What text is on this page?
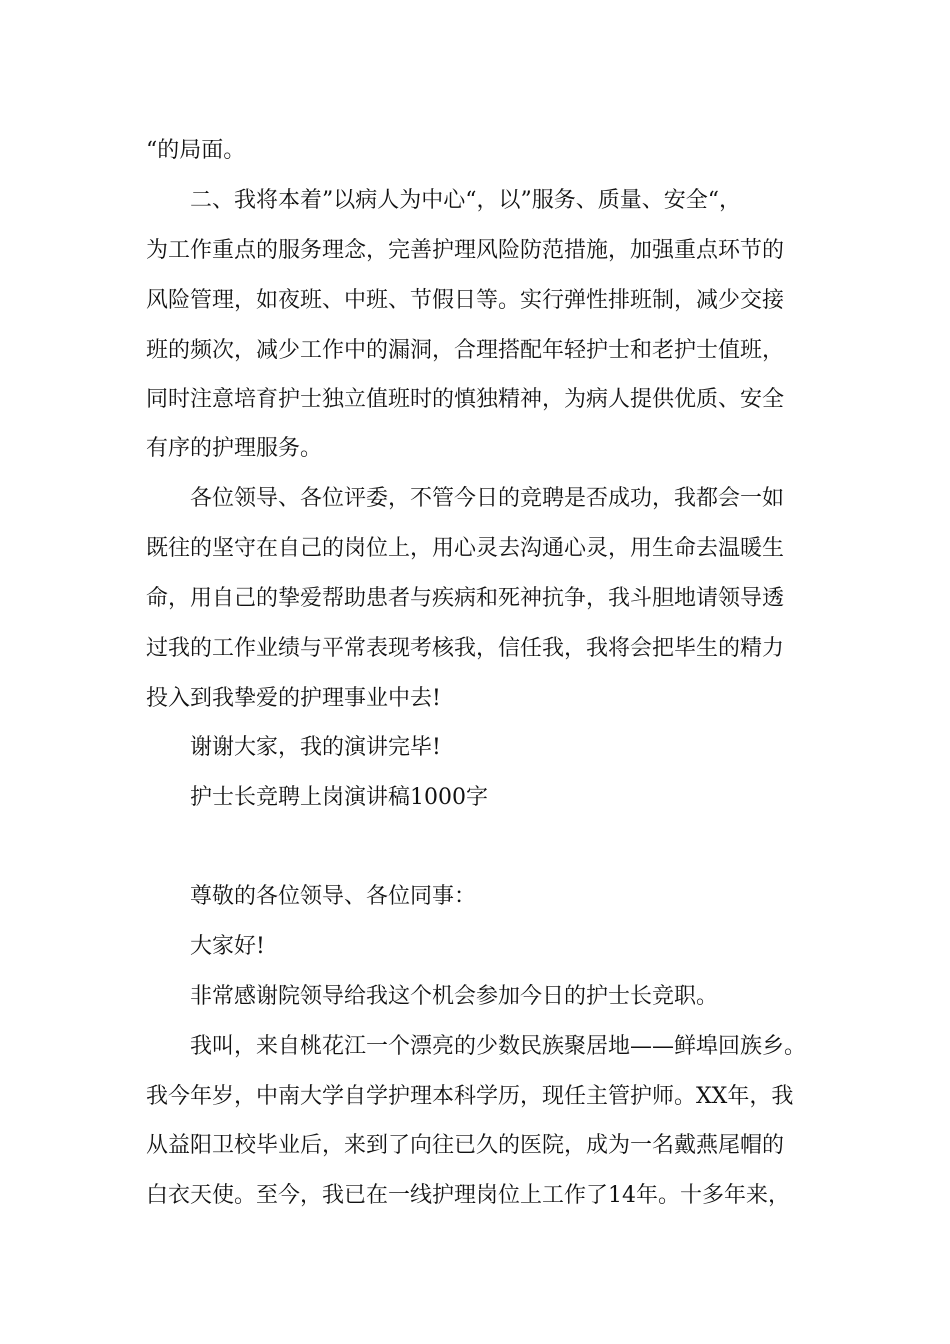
“的局面。

二、我将本着”以病人为中心“，以”服务、质量、安全“，

为工作重点的服务理念，完善护理风险防范措施，加强重点环节的

风险管理，如夜班、中班、节假日等。实行弹性排班制，减少交接

班的频次，减少工作中的漏洞，合理搭配年轻护士和老护士值班，

同时注意培育护士独立值班时的慎独精神，为病人提供优质、安全

有序的护理服务。

各位领导、各位评委，不管今日的竞聘是否成功，我都会一如

既往的坚守在自己的岗位上，用心灵去沟通心灵，用生命去温暖生

命，用自己的挚爱帮助患者与疾病和死神抗争，我斗胆地请领导透

过我的工作业绩与平常表现考核我，信任我，我将会把毕生的精力

投入到我挚爱的护理事业中去!

谢谢大家，我的演讲完毕!

护士长竞聘上岗演讲稿1000字

尊敬的各位领导、各位同事：

大家好!

非常感谢院领导给我这个机会参加今日的护士长竞职。

我叫，来自桃花江一个漂亮的少数民族聚居地——鲜埠回族乡。

我今年岁，中南大学自学护理本科学历，现任主管护师。XX年，我

从益阳卫校毕业后，来到了向往已久的医院，成为一名戴燕尾帽的

白衣天使。至今，我已在一线护理岗位上工作了14年。十多年来，
